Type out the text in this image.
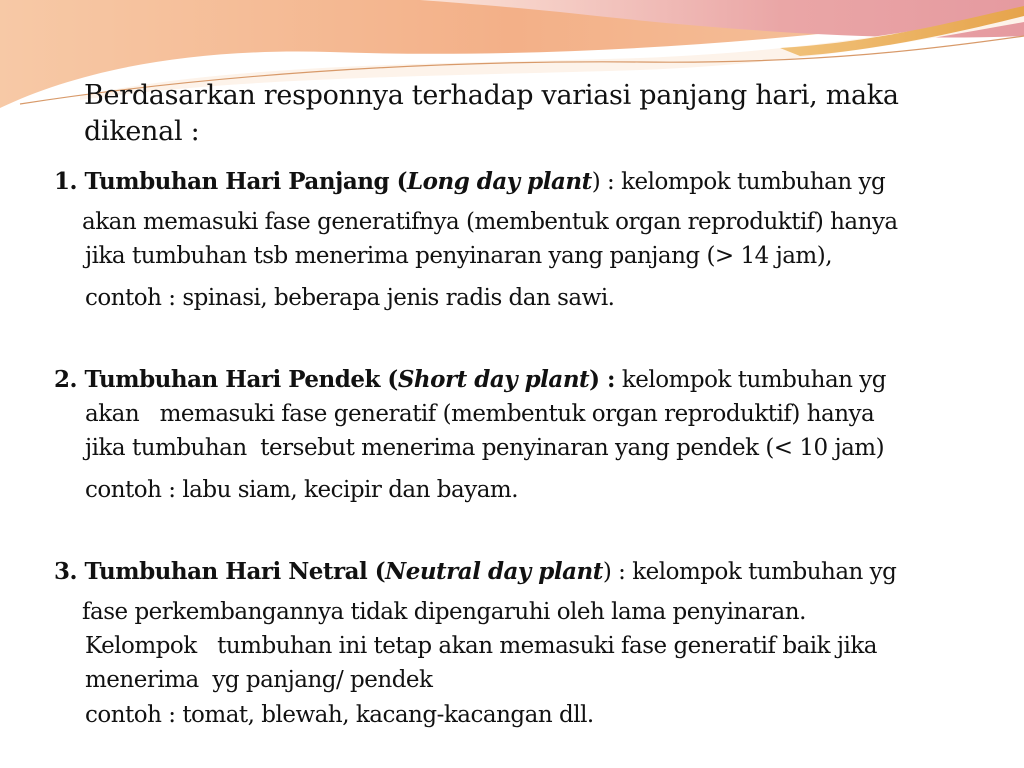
Berdasarkan responnya terhadap variasi panjang hari, maka
dikenal :
1. Tumbuhan Hari Panjang (Long day plant) : kelompok tumbuhan yg
akan memasuki fase generatifnya (membentuk organ reproduktif) hanya
jika tumbuhan tsb menerima penyinaran yang panjang (> 14 jam),
contoh : spinasi, beberapa jenis radis dan sawi.
2. Tumbuhan Hari Pendek (Short day plant) : kelompok tumbuhan yg
akan   memasuki fase generatif (membentuk organ reproduktif) hanya
jika tumbuhan  tersebut menerima penyinaran yang pendek (< 10 jam)
contoh : labu siam, kecipir dan bayam.
3. Tumbuhan Hari Netral (Neutral day plant) : kelompok tumbuhan yg
fase perkembangannya tidak dipengaruhi oleh lama penyinaran.
Kelompok   tumbuhan ini tetap akan memasuki fase generatif baik jika
menerima  yg panjang/ pendek
contoh : tomat, blewah, kacang-kacangan dll.
